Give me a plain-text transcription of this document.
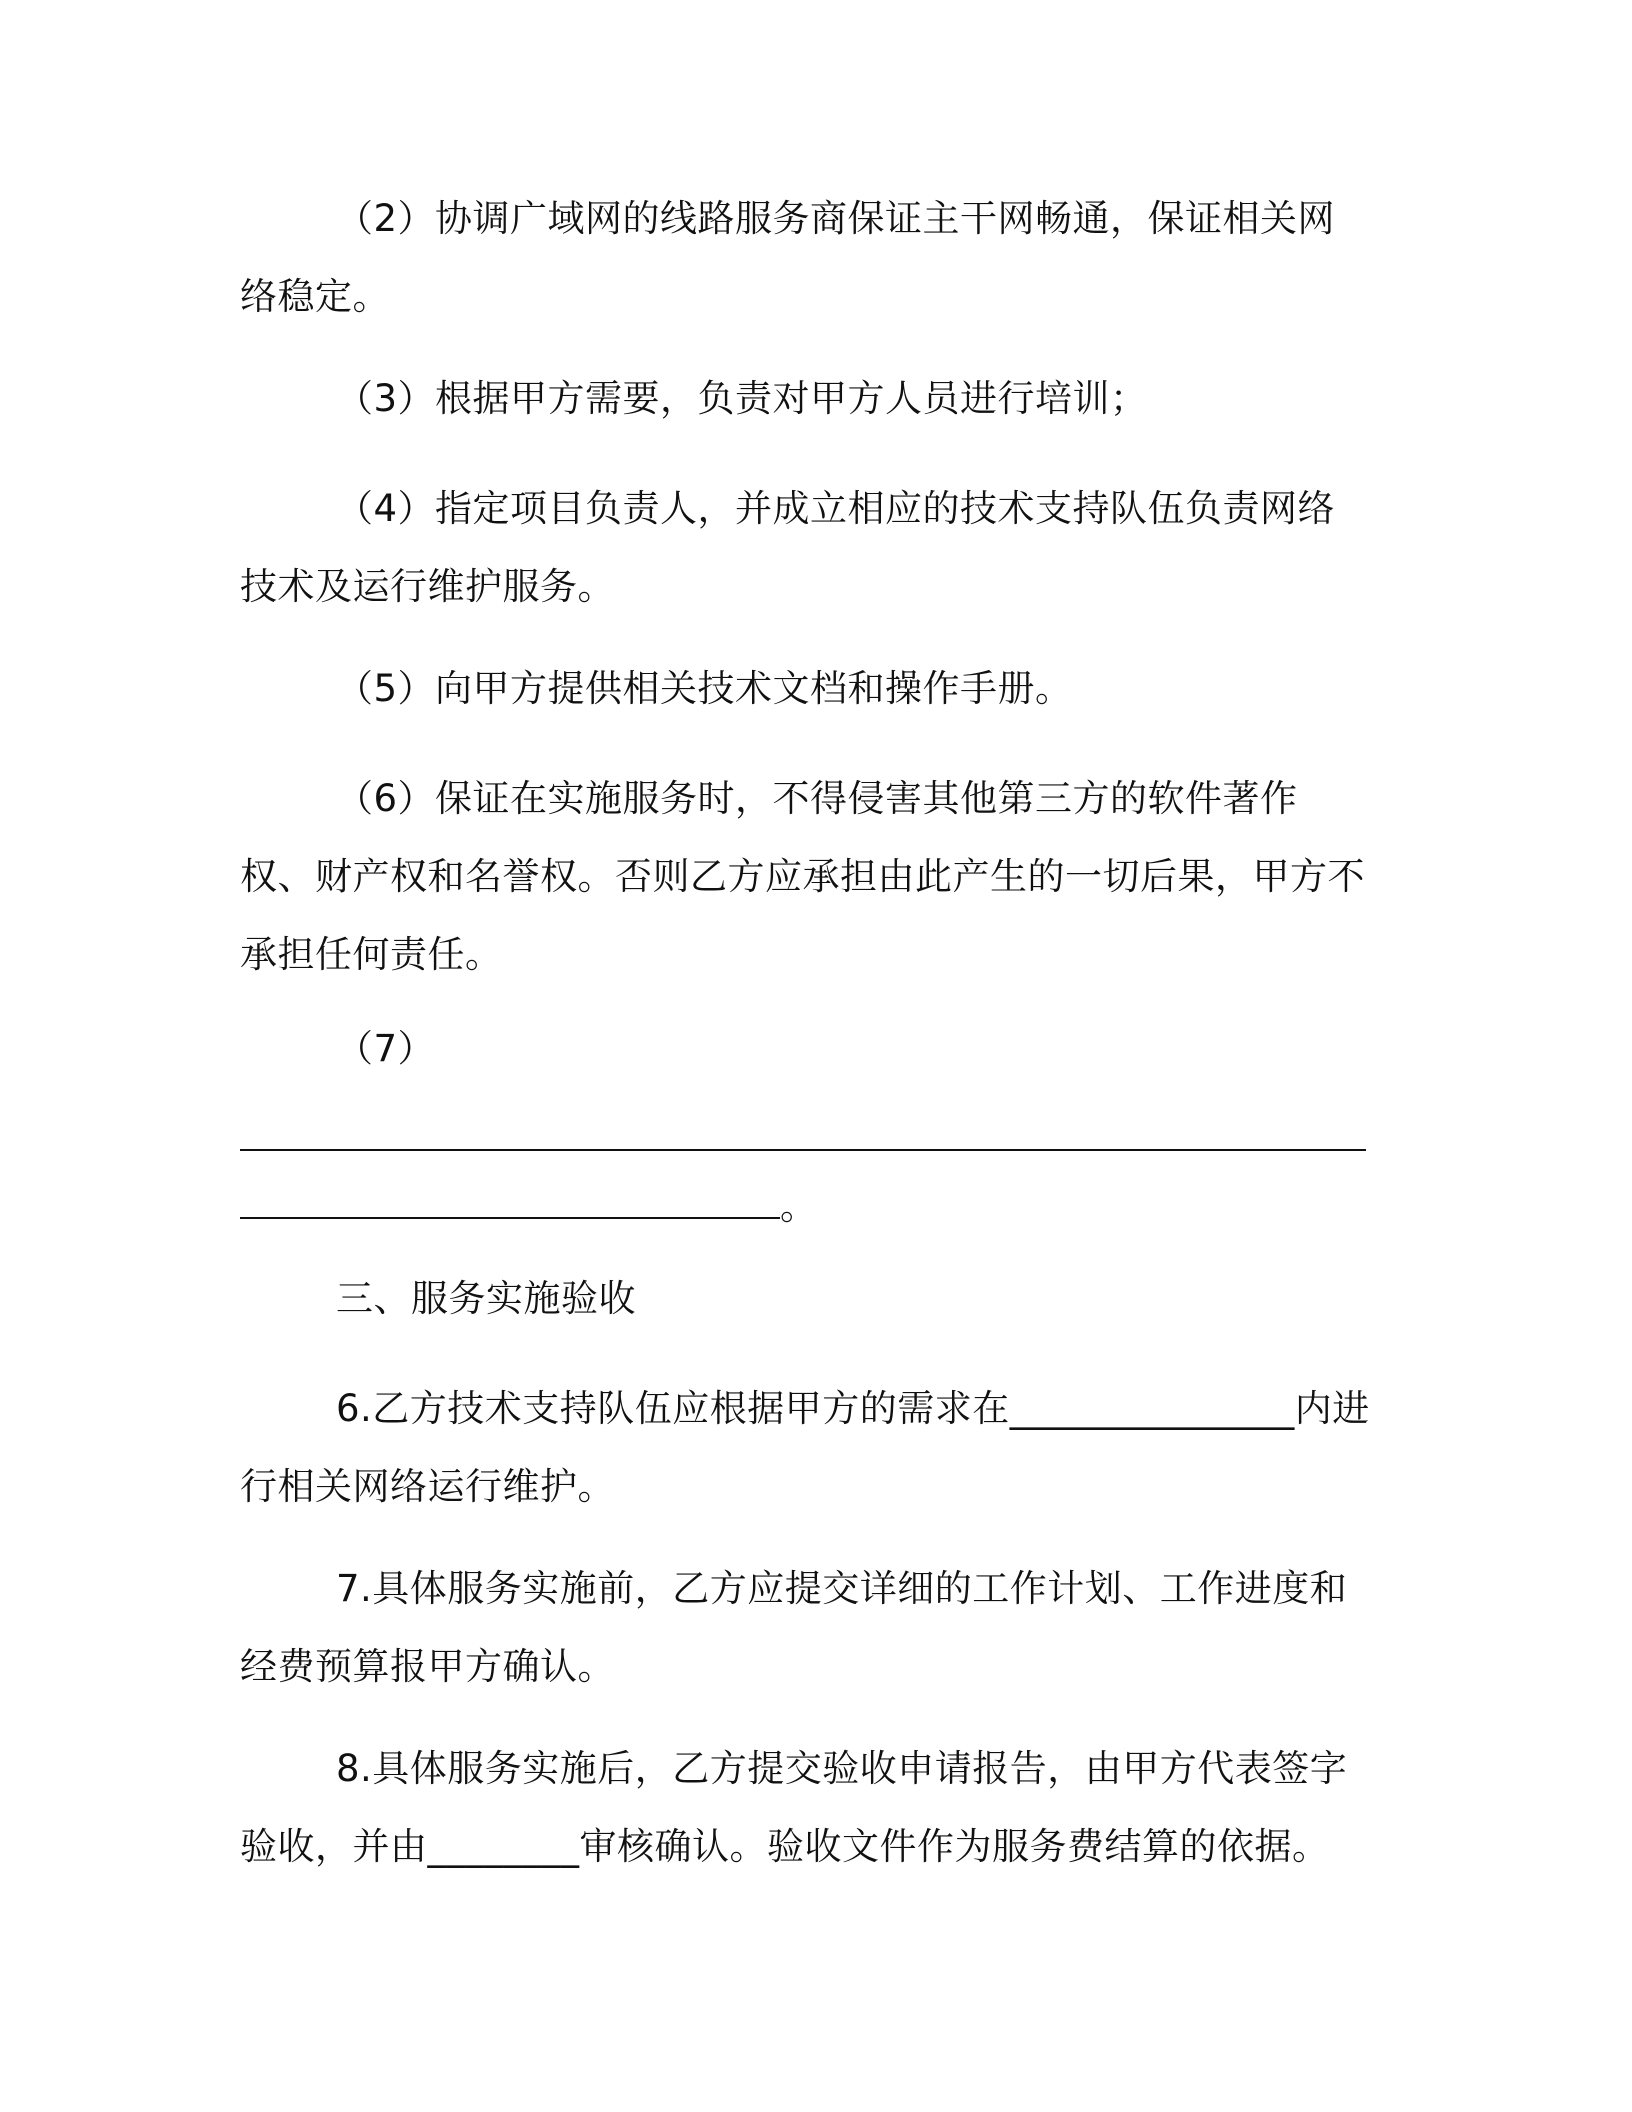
（2）协调广域网的线路服务商保证主干网畅通，保证相关网络稳定。

（3）根据甲方需要，负责对甲方人员进行培训；

（4）指定项目负责人，并成立相应的技术支持队伍负责网络技术及运行维护服务。

（5）向甲方提供相关技术文档和操作手册。

（6）保证在实施服务时，不得侵害其他第三方的软件著作权、财产权和名誉权。否则乙方应承担由此产生的一切后果，甲方不承担任何责任。

（7）

。

三、服务实施验收

6.乙方技术支持队伍应根据甲方的需求在_______________内进行相关网络运行维护。

7.具体服务实施前，乙方应提交详细的工作计划、工作进度和经费预算报甲方确认。

8.具体服务实施后，乙方提交验收申请报告，由甲方代表签字验收，并由________审核确认。验收文件作为服务费结算的依据。
